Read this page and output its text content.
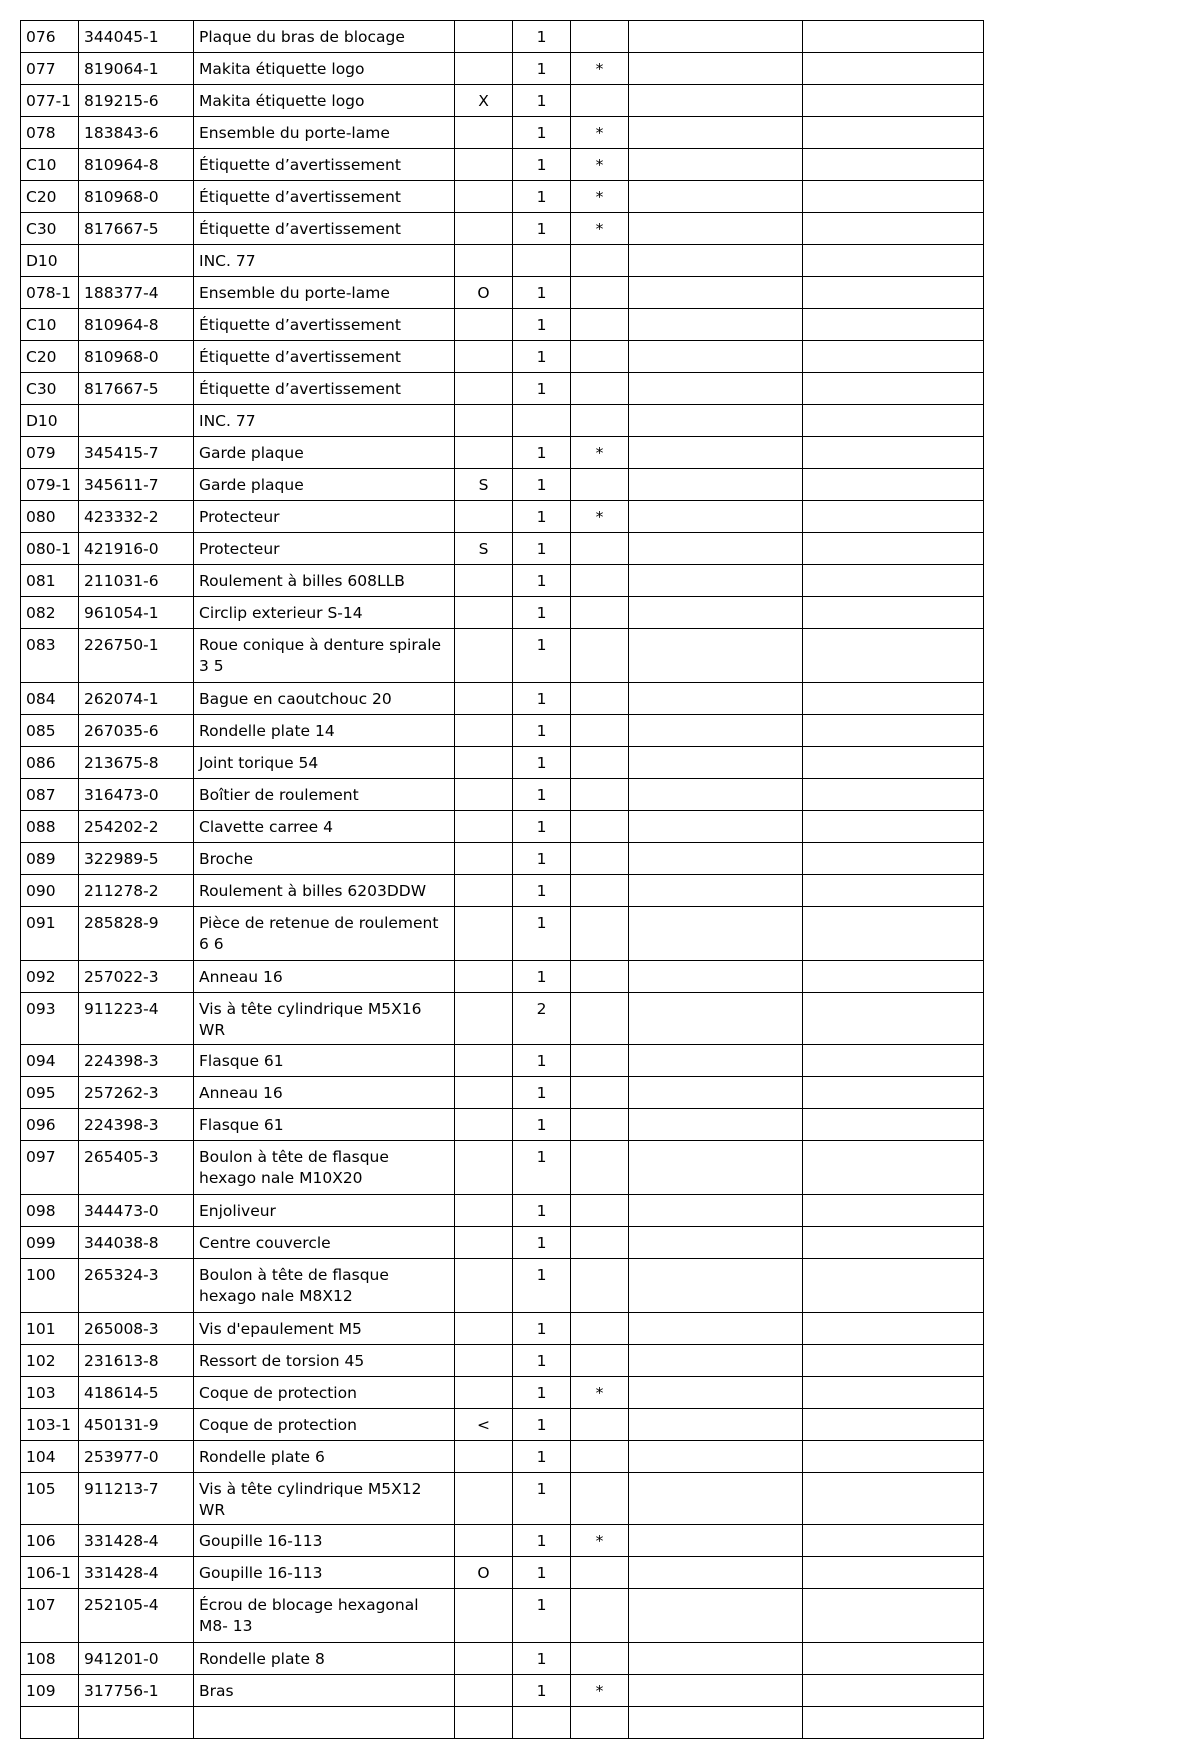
076	344045-1	Plaque du bras de blocage		1			
077	819064-1	Makita étiquette logo		1	*		
077-1	819215-6	Makita étiquette logo	X	1			
078	183843-6	Ensemble du porte-lame		1	*		
C10	810964-8	Étiquette d’avertissement		1	*		
C20	810968-0	Étiquette d’avertissement		1	*		
C30	817667-5	Étiquette d’avertissement		1	*		
D10		INC. 77					
078-1	188377-4	Ensemble du porte-lame	O	1			
C10	810964-8	Étiquette d’avertissement		1			
C20	810968-0	Étiquette d’avertissement		1			
C30	817667-5	Étiquette d’avertissement		1			
D10		INC. 77					
079	345415-7	Garde plaque		1	*		
079-1	345611-7	Garde plaque	S	1			
080	423332-2	Protecteur		1	*		
080-1	421916-0	Protecteur	S	1			
081	211031-6	Roulement à billes 608LLB		1			
082	961054-1	Circlip exterieur S-14		1			
083	226750-1	Roue conique à denture spirale 3 5		1			
084	262074-1	Bague en caoutchouc 20		1			
085	267035-6	Rondelle plate 14		1			
086	213675-8	Joint torique 54		1			
087	316473-0	Boîtier de roulement		1			
088	254202-2	Clavette carree 4		1			
089	322989-5	Broche		1			
090	211278-2	Roulement à billes 6203DDW		1			
091	285828-9	Pièce de retenue de roulement 6 6		1			
092	257022-3	Anneau 16		1			
093	911223-4	Vis à tête cylindrique M5X16 WR		2			
094	224398-3	Flasque 61		1			
095	257262-3	Anneau 16		1			
096	224398-3	Flasque 61		1			
097	265405-3	Boulon à tête de flasque hexago nale M10X20		1			
098	344473-0	Enjoliveur		1			
099	344038-8	Centre couvercle		1			
100	265324-3	Boulon à tête de flasque hexago nale M8X12		1			
101	265008-3	Vis d'epaulement M5		1			
102	231613-8	Ressort de torsion 45		1			
103	418614-5	Coque de protection		1	*		
103-1	450131-9	Coque de protection	<	1			
104	253977-0	Rondelle plate 6		1			
105	911213-7	Vis à tête cylindrique M5X12 WR		1			
106	331428-4	Goupille 16-113		1	*		
106-1	331428-4	Goupille 16-113	O	1			
107	252105-4	Écrou de blocage hexagonal M8- 13		1			
108	941201-0	Rondelle plate 8		1			
109	317756-1	Bras		1	*		
